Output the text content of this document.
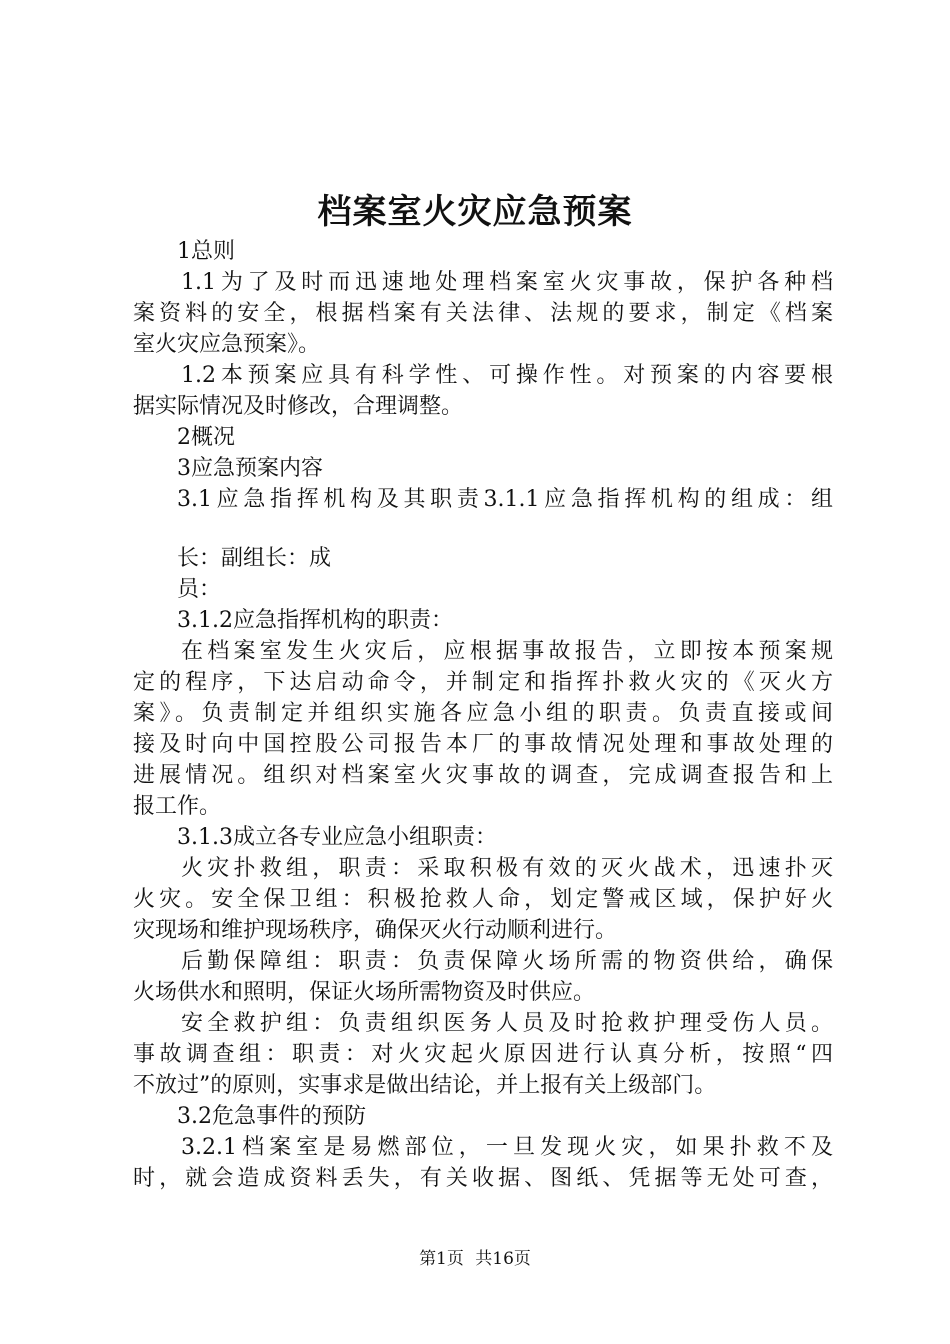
档案室火灾应急预案
1总则
1.1为了及时而迅速地处理档案室火灾事故，保护各种档
案资料的安全，根据档案有关法律、法规的要求，制定《档案
室火灾应急预案》。
1.2本预案应具有科学性、可操作性。对预案的内容要根
据实际情况及时修改，合理调整。
2概况
3应急预案内容
3.1应急指挥机构及其职责3.1.1应急指挥机构的组成：组
长：副组长：成
员：
3.1.2应急指挥机构的职责：
在档案室发生火灾后，应根据事故报告，立即按本预案规
定的程序，下达启动命令，并制定和指挥扑救火灾的《灭火方
案》。负责制定并组织实施各应急小组的职责。负责直接或间
接及时向中国控股公司报告本厂的事故情况处理和事故处理的
进展情况。组织对档案室火灾事故的调查，完成调查报告和上
报工作。
3.1.3成立各专业应急小组职责：
火灾扑救组，职责：采取积极有效的灭火战术，迅速扑灭
火灾。安全保卫组：积极抢救人命，划定警戒区域，保护好火
灾现场和维护现场秩序，确保灭火行动顺利进行。
后勤保障组：职责：负责保障火场所需的物资供给，确保
火场供水和照明，保证火场所需物资及时供应。
安全救护组：负责组织医务人员及时抢救护理受伤人员。
事故调查组：职责：对火灾起火原因进行认真分析，按照“四
不放过”的原则，实事求是做出结论，并上报有关上级部门。
3.2危急事件的预防
3.2.1档案室是易燃部位，一旦发现火灾，如果扑救不及
时，就会造成资料丢失，有关收据、图纸、凭据等无处可查，
第1页 共16页
